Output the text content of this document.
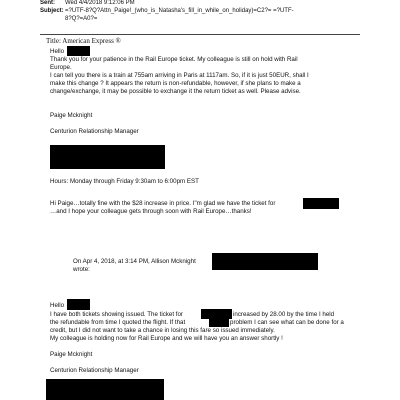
Sent: Wed 4/4/2018 9:12:06 PM
Subject: =?UTF-8?Q?Attn_Paige!_(who_is_Natasha's_fill_in_while_on_holiday)=C2?= =?UTF-
8?Q?=A0?=
Title: American Express ®
Hello
Thank you for your patience in the Rail Europe ticket. My colleague is still on hold with Rail
Europe.
I can tell you there is a train at 755am arriving in Paris at 1117am. So, if it is just 50EUR, shall I
make this change ? It appears the return is non-refundable, however, if she plans to make a
change/exchange, it may be possible to exchange it the return ticket as well. Please advise.
Paige Mcknight
Centurion Relationship Manager
Hours: Monday through Friday 9:30am to 6:00pm EST
Hi Paige…totally fine with the $28 increase in price. I"m glad we have the ticket for
…and I hope your colleague gets through soon with Rail Europe…thanks!
On Apr 4, 2018, at 3:14 PM, Allison Mcknight
wrote:
Hello
I have both tickets showing issued. The ticket for	increased by 28.00 by the time I held
the refundable from time I quoted the flight. If that	problem I can see what can be done for a
credit, but I did not want to take a chance in losing this fare so issued immediately.
My colleague is holding now for Rail Europe and we will have you an answer shortly !
Paige Mcknight
Centurion Relationship Manager
